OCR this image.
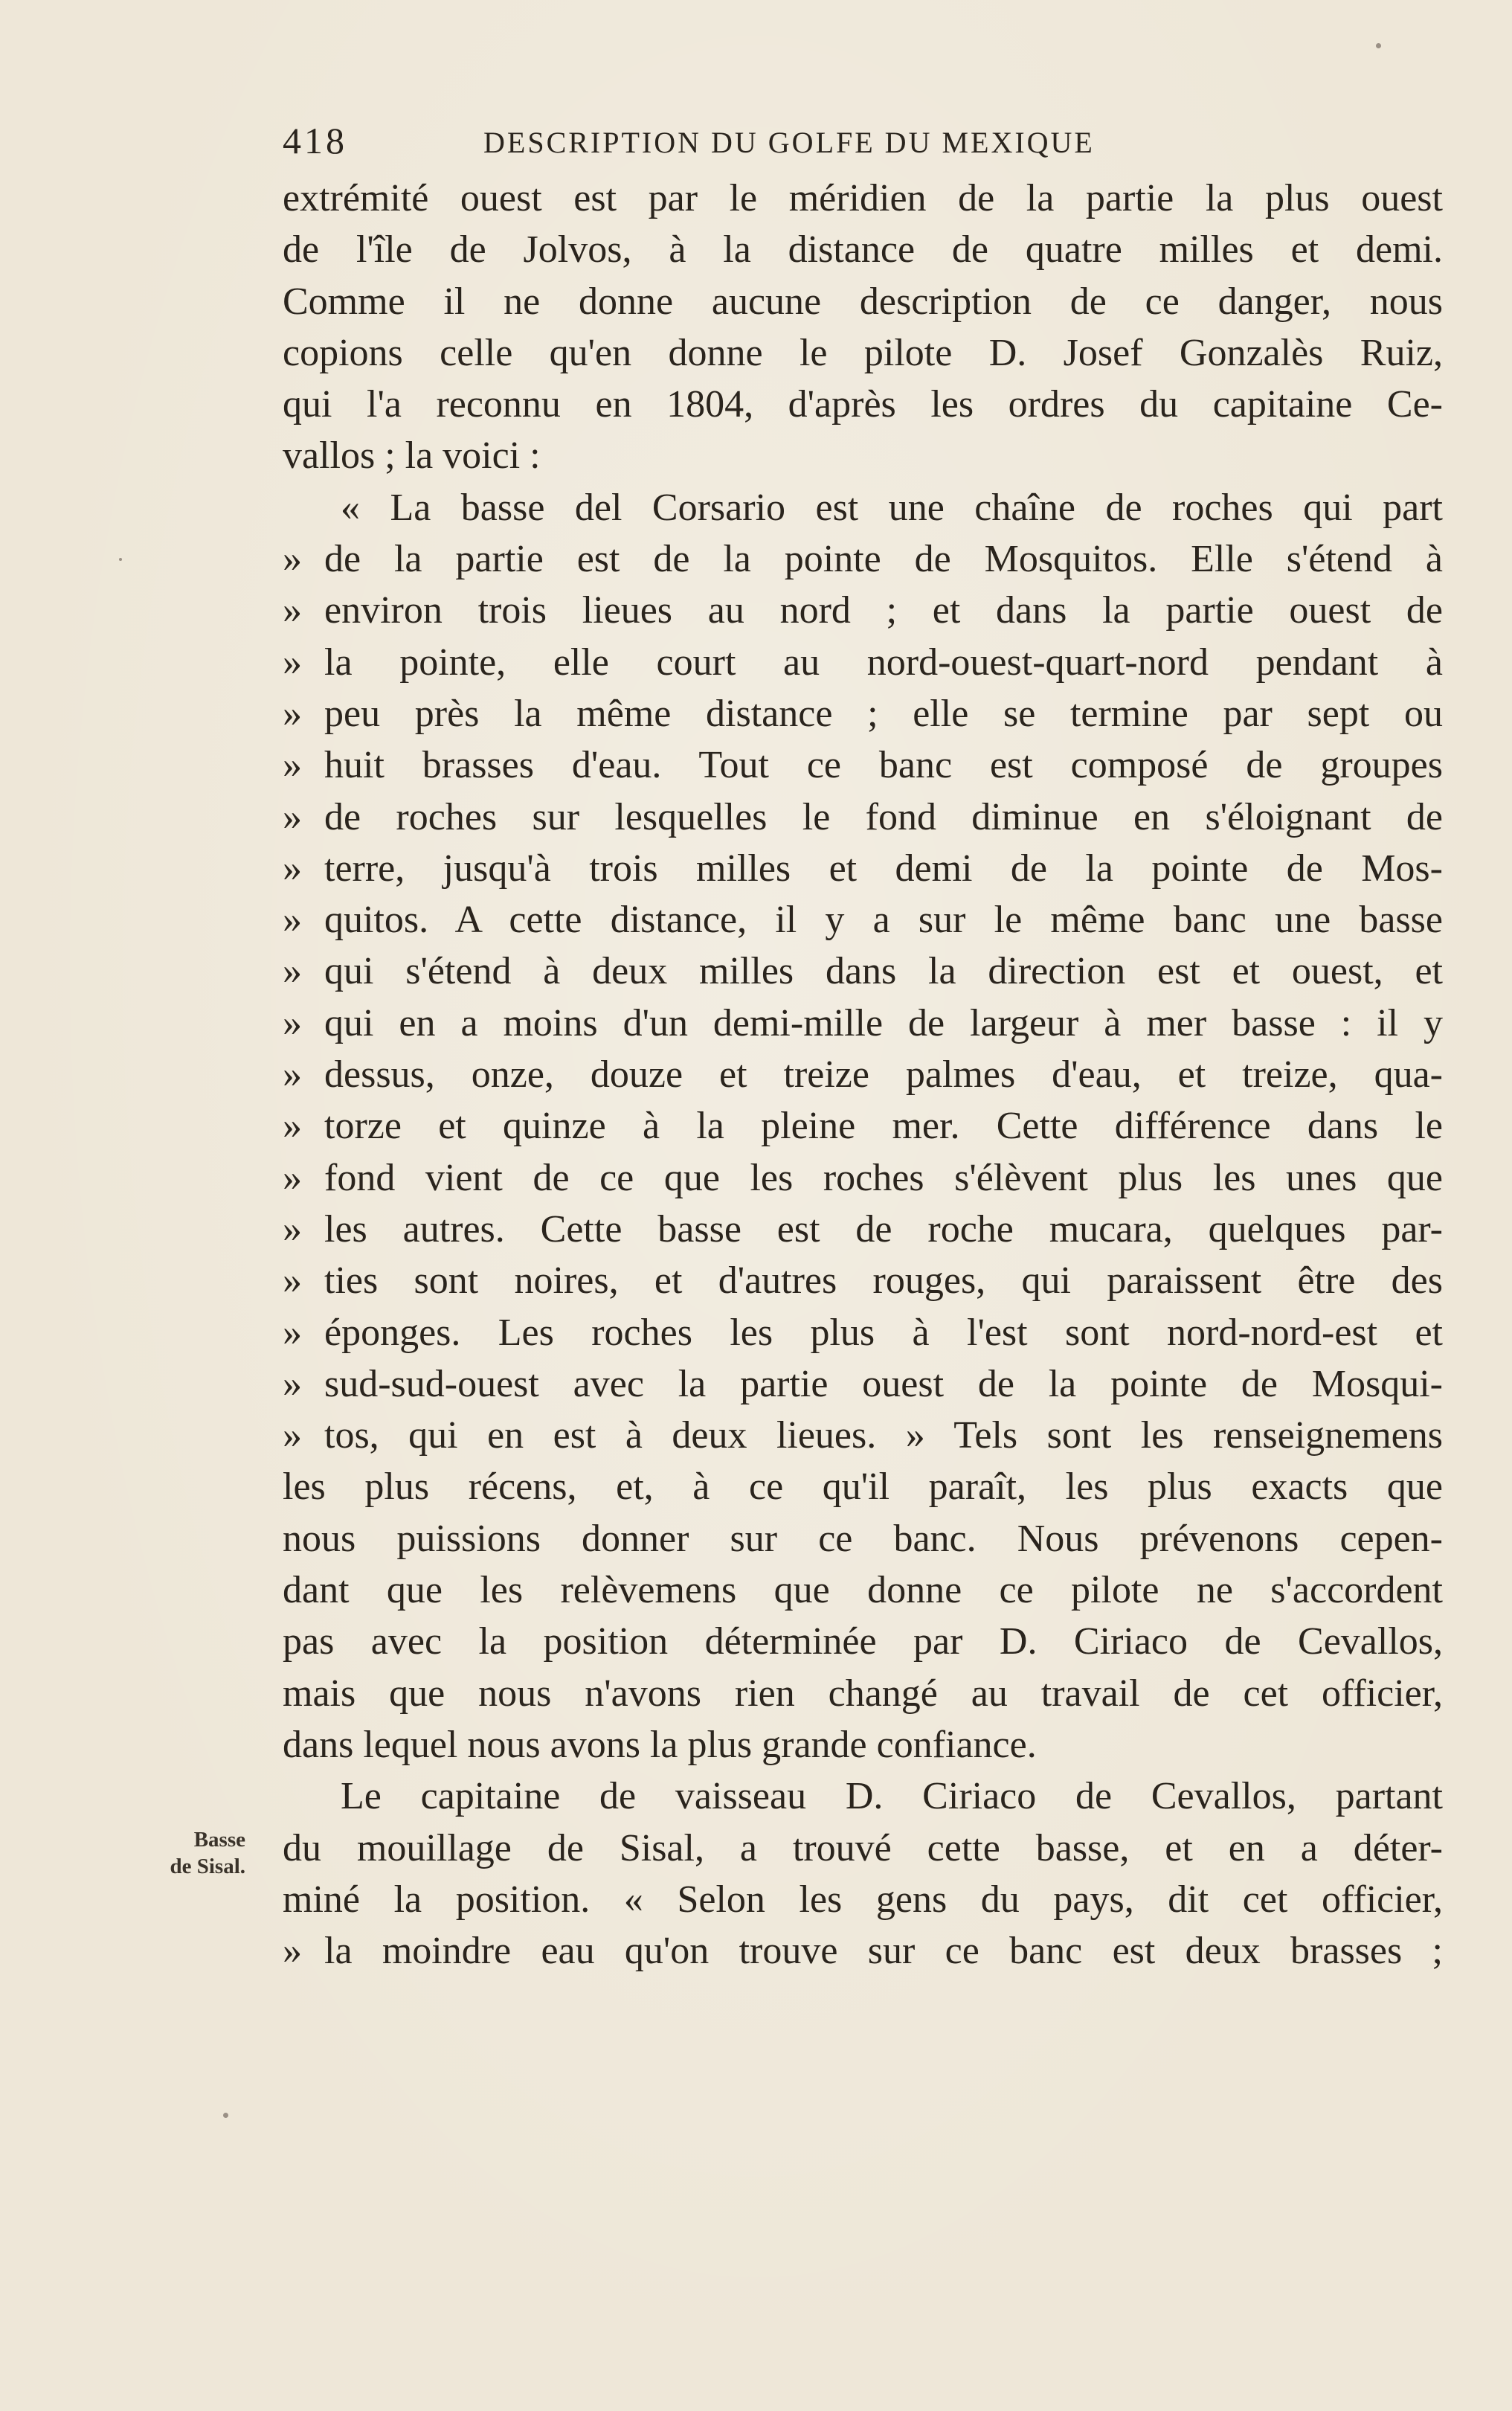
418	DESCRIPTION DU GOLFE DU MEXIQUE
Basse
de Sisal.
extrémité ouest est par le méridien de la partie la plus ouest
de l'île de Jolvos, à la distance de quatre milles et demi.
Comme il ne donne aucune description de ce danger, nous
copions celle qu'en donne le pilote D. Josef Gonzalès Ruiz,
qui l'a reconnu en 1804, d'après les ordres du capitaine Ce-
vallos ; la voici :
« La basse del Corsario est une chaîne de roches qui part
» de la partie est de la pointe de Mosquitos. Elle s'étend à
» environ trois lieues au nord ; et dans la partie ouest de
» la pointe, elle court au nord-ouest-quart-nord pendant à
» peu près la même distance ; elle se termine par sept ou
» huit brasses d'eau. Tout ce banc est composé de groupes
» de roches sur lesquelles le fond diminue en s'éloignant de
» terre, jusqu'à trois milles et demi de la pointe de Mos-
» quitos. A cette distance, il y a sur le même banc une basse
» qui s'étend à deux milles dans la direction est et ouest, et
» qui en a moins d'un demi-mille de largeur à mer basse : il y
» dessus, onze, douze et treize palmes d'eau, et treize, qua-
» torze et quinze à la pleine mer. Cette différence dans le
» fond vient de ce que les roches s'élèvent plus les unes que
» les autres. Cette basse est de roche mucara, quelques par-
» ties sont noires, et d'autres rouges, qui paraissent être des
» éponges. Les roches les plus à l'est sont nord-nord-est et
» sud-sud-ouest avec la partie ouest de la pointe de Mosqui-
» tos, qui en est à deux lieues. » Tels sont les renseignemens
les plus récens, et, à ce qu'il paraît, les plus exacts que
nous puissions donner sur ce banc. Nous prévenons cepen-
dant que les relèvemens que donne ce pilote ne s'accordent
pas avec la position déterminée par D. Ciriaco de Cevallos,
mais que nous n'avons rien changé au travail de cet officier,
dans lequel nous avons la plus grande confiance.
Le capitaine de vaisseau D. Ciriaco de Cevallos, partant
du mouillage de Sisal, a trouvé cette basse, et en a déter-
miné la position. « Selon les gens du pays, dit cet officier,
» la moindre eau qu'on trouve sur ce banc est deux brasses ;
